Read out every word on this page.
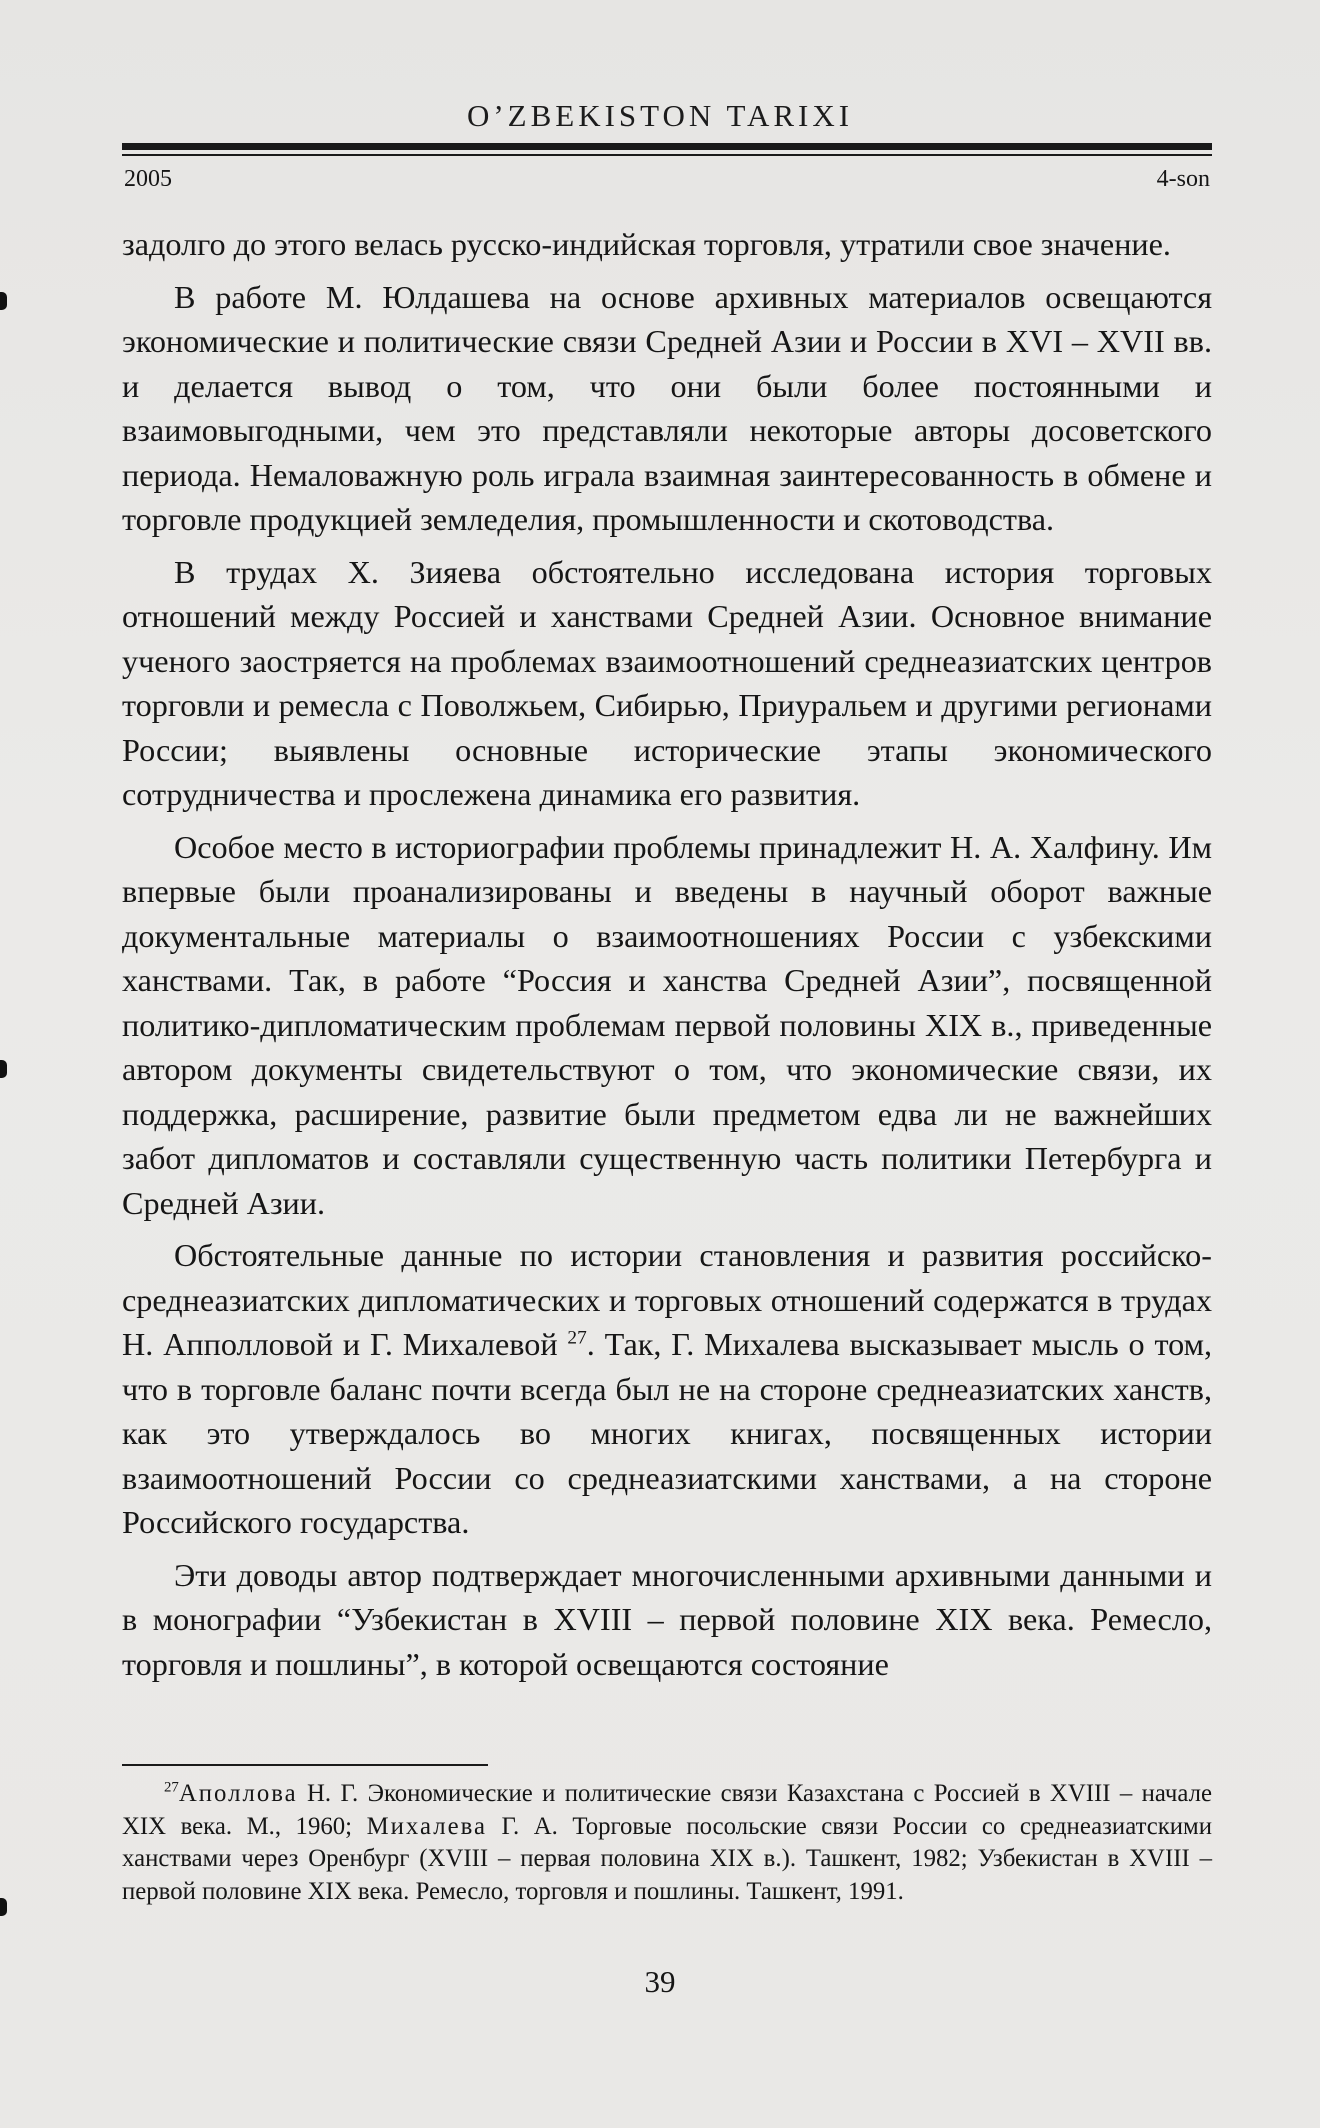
O’ZBEKISTON TARIXI
2005	4-son

задолго до этого велась русско-индийская торговля, утратили свое значение.

В работе М. Юлдашева на основе архивных материалов освещаются экономические и политические связи Средней Азии и России в XVI – XVII вв. и делается вывод о том, что они были более постоянными и взаимовыгодными, чем это представляли некоторые авторы досоветского периода. Немаловажную роль играла взаимная заинтересованность в обмене и торговле продукцией земледелия, промышленности и скотоводства.

В трудах Х. Зияева обстоятельно исследована история торговых отношений между Россией и ханствами Средней Азии. Основное внимание ученого заостряется на проблемах взаимоотношений среднеазиатских центров торговли и ремесла с Поволжьем, Сибирью, Приуральем и другими регионами России; выявлены основные исторические этапы экономического сотрудничества и прослежена динамика его развития.

Особое место в историографии проблемы принадлежит Н. А. Халфину. Им впервые были проанализированы и введены в научный оборот важные документальные материалы о взаимоотношениях России с узбекскими ханствами. Так, в работе “Россия и ханства Средней Азии”, посвященной политико-дипломатическим проблемам первой половины XIX в., приведенные автором документы свидетельствуют о том, что экономические связи, их поддержка, расширение, развитие были предметом едва ли не важнейших забот дипломатов и составляли существенную часть политики Петербурга и Средней Азии.

Обстоятельные данные по истории становления и развития российско-среднеазиатских дипломатических и торговых отношений содержатся в трудах Н. Апполловой и Г. Михалевой $^{27}$. Так, Г. Михалева высказывает мысль о том, что в торговле баланс почти всегда был не на стороне среднеазиатских ханств, как это утверждалось во многих книгах, посвященных истории взаимоотношений России со среднеазиатскими ханствами, а на стороне Российского государства.

Эти доводы автор подтверждает многочисленными архивными данными и в монографии “Узбекистан в XVIII – первой половине XIX века. Ремесло, торговля и пошлины”, в которой освещаются состояние

$^{27}$Аполлова Н. Г. Экономические и политические связи Казахстана с Россией в XVIII – начале XIX века. М., 1960; Михалева Г. А. Торговые посольские связи России со среднеазиатскими ханствами через Оренбург (XVIII – первая половина XIX в.). Ташкент, 1982; Узбекистан в XVIII – первой половине XIX века. Ремесло, торговля и пошлины. Ташкент, 1991.

39
